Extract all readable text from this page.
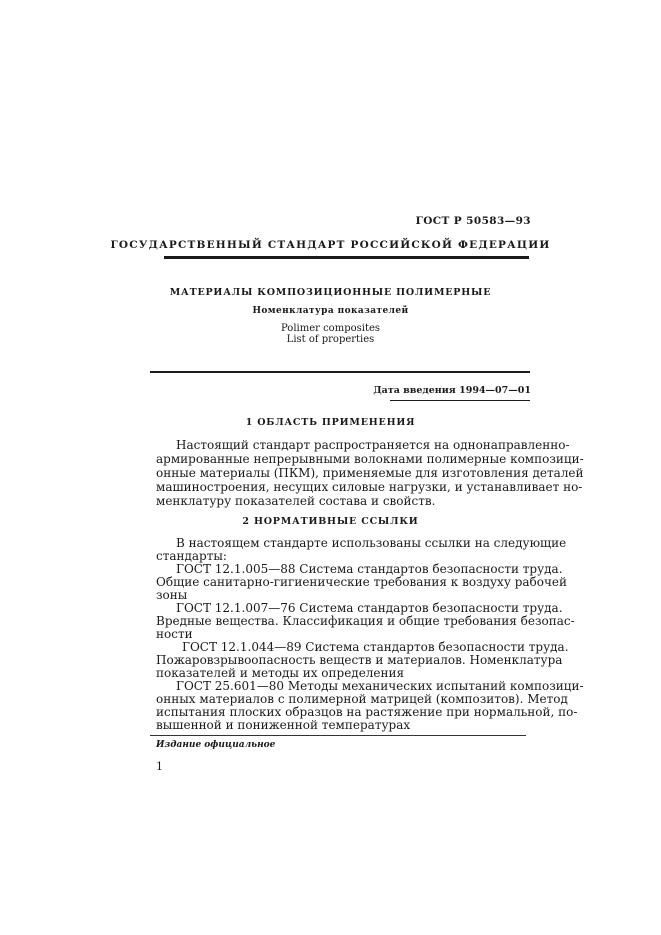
ГОСТ Р 50583—93
ГОСУДАРСТВЕННЫЙ СТАНДАРТ РОССИЙСКОЙ ФЕДЕРАЦИИ
МАТЕРИАЛЫ КОМПОЗИЦИОННЫЕ ПОЛИМЕРНЫЕ
Номенклатура показателей
Polimer composites
List of properties
Дата введения 1994—07—01
1 ОБЛАСТЬ ПРИМЕНЕНИЯ
Настоящий стандарт распространяется на однонаправленно-
армированные непрерывными волокнами полимерные композици-
онные материалы (ПКМ), применяемые для изготовления деталей
машиностроения, несущих силовые нагрузки, и устанавливает но-
менклатуру показателей состава и свойств.
2 НОРМАТИВНЫЕ ССЫЛКИ
В настоящем стандарте использованы ссылки на следующие
стандарты:
ГОСТ 12.1.005—88 Система стандартов безопасности труда.
Общие санитарно-гигиенические требования к воздуху рабочей
зоны
ГОСТ 12.1.007—76 Система стандартов безопасности труда.
Вредные вещества. Классификация и общие требования безопас-
ности
ГОСТ 12.1.044—89 Система стандартов безопасности труда.
Пожаровзрывоопасность веществ и материалов. Номенклатура
показателей и методы их определения
ГОСТ 25.601—80 Методы механических испытаний композици-
онных материалов с полимерной матрицей (композитов). Метод
испытания плоских образцов на растяжение при нормальной, по-
вышенной и пониженной температурах
Издание официальное
1
